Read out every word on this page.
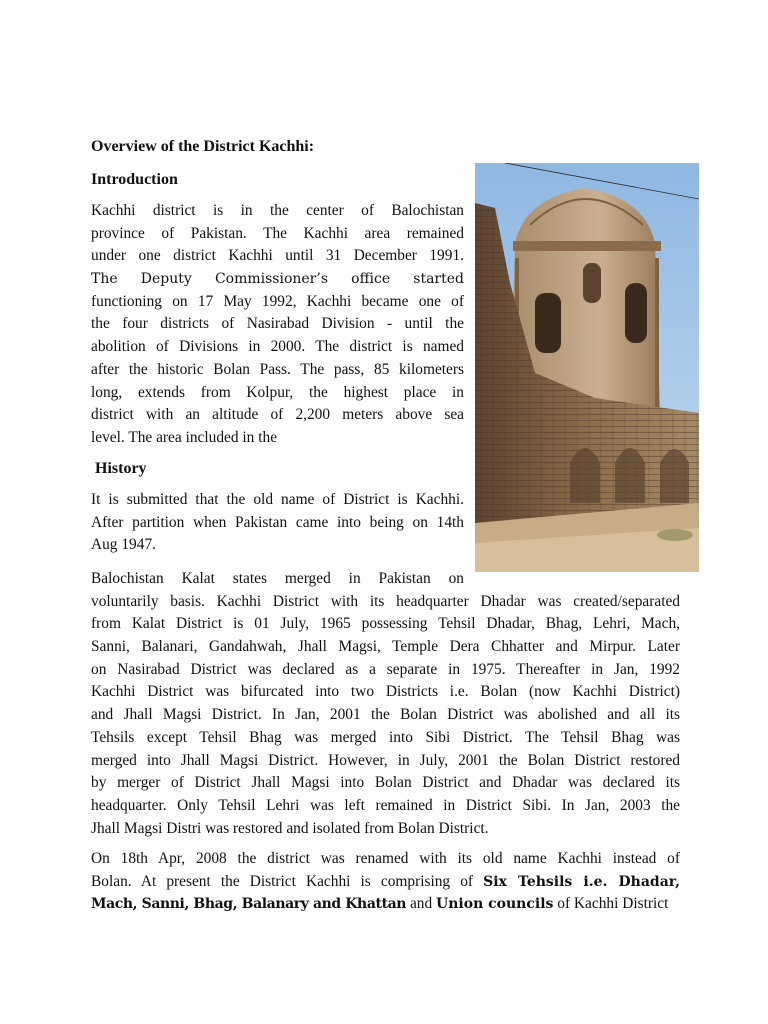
Overview of the District Kachhi:
Introduction
Kachhi district is in the center of Balochistan
province of Pakistan. The Kachhi area remained
under one district Kachhi until 31 December 1991.
The Deputy Commissioner’s office started
functioning on 17 May 1992, Kachhi became one of
the four districts of Nasirabad Division - until the
abolition of Divisions in 2000. The district is named
after the historic Bolan Pass. The pass, 85 kilometers
long, extends from Kolpur, the highest place in
district with an altitude of 2,200 meters above sea
level. The area included in the
History
It is submitted that the old name of District is Kachhi.
After partition when Pakistan came into being on 14th
Aug 1947.
Balochistan Kalat states merged in Pakistan on
voluntarily basis. Kachhi District with its headquarter Dhadar was created/separated
from Kalat District is 01 July, 1965 possessing Tehsil Dhadar, Bhag, Lehri, Mach,
Sanni, Balanari, Gandahwah, Jhall Magsi, Temple Dera Chhatter and Mirpur. Later
on Nasirabad District was declared as a separate in 1975. Thereafter in Jan, 1992
Kachhi District was bifurcated into two Districts i.e. Bolan (now Kachhi District)
and Jhall Magsi District. In Jan, 2001 the Bolan District was abolished and all its
Tehsils except Tehsil Bhag was merged into Sibi District. The Tehsil Bhag was
merged into Jhall Magsi District. However, in July, 2001 the Bolan District restored
by merger of District Jhall Magsi into Bolan District and Dhadar was declared its
headquarter. Only Tehsil Lehri was left remained in District Sibi. In Jan, 2003 the
Jhall Magsi Distri was restored and isolated from Bolan District.
On 18th Apr, 2008 the district was renamed with its old name Kachhi instead of
Bolan. At present the District Kachhi is comprising of Six Tehsils i.e. Dhadar,
Mach, Sanni, Bhag, Balanary and Khattan and Union councils of Kachhi District
